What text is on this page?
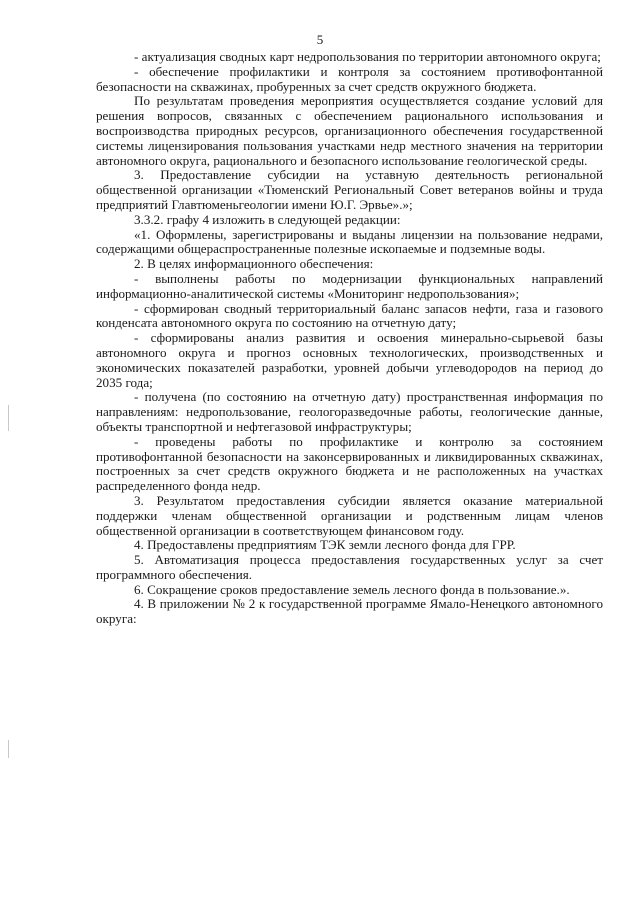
5

- актуализация сводных карт недропользования по территории автономного округа;

- обеспечение профилактики и контроля за состоянием противофонтанной безопасности на скважинах, пробуренных за счет средств окружного бюджета.

По результатам проведения мероприятия осуществляется создание условий для решения вопросов, связанных с обеспечением рационального использования и воспроизводства природных ресурсов, организационного обеспечения государственной системы лицензирования пользования участками недр местного значения на территории автономного округа, рационального и безопасного использование геологической среды.

3. Предоставление субсидии на уставную деятельность региональной общественной организации «Тюменский Региональный Совет ветеранов войны и труда предприятий Главтюменьгеологии имени Ю.Г. Эрвье».»;

3.3.2. графу 4 изложить в следующей редакции:

«1. Оформлены, зарегистрированы и выданы лицензии на пользование недрами, содержащими общераспространенные полезные ископаемые и подземные воды.

2. В целях информационного обеспечения:

- выполнены работы по модернизации функциональных направлений информационно-аналитической системы «Мониторинг недропользования»;

- сформирован сводный территориальный баланс запасов нефти, газа и газового конденсата автономного округа по состоянию на отчетную дату;

- сформированы анализ развития и освоения минерально-сырьевой базы автономного округа и прогноз основных технологических, производственных и экономических показателей разработки, уровней добычи углеводородов на период до 2035 года;

- получена (по состоянию на отчетную дату) пространственная информация по направлениям: недропользование, геологоразведочные работы, геологические данные, объекты транспортной и нефтегазовой инфраструктуры;

- проведены работы по профилактике и контролю за состоянием противофонтанной безопасности на законсервированных и ликвидированных скважинах, построенных за счет средств окружного бюджета и не расположенных на участках распределенного фонда недр.

3. Результатом предоставления субсидии является оказание материальной поддержки членам общественной организации и родственным лицам членов общественной организации в соответствующем финансовом году.

4. Предоставлены предприятиям ТЭК земли лесного фонда для ГРР.

5. Автоматизация процесса предоставления государственных услуг за счет программного обеспечения.

6. Сокращение сроков предоставление земель лесного фонда в пользование.».

4. В приложении № 2 к государственной программе Ямало-Ненецкого автономного округа:
